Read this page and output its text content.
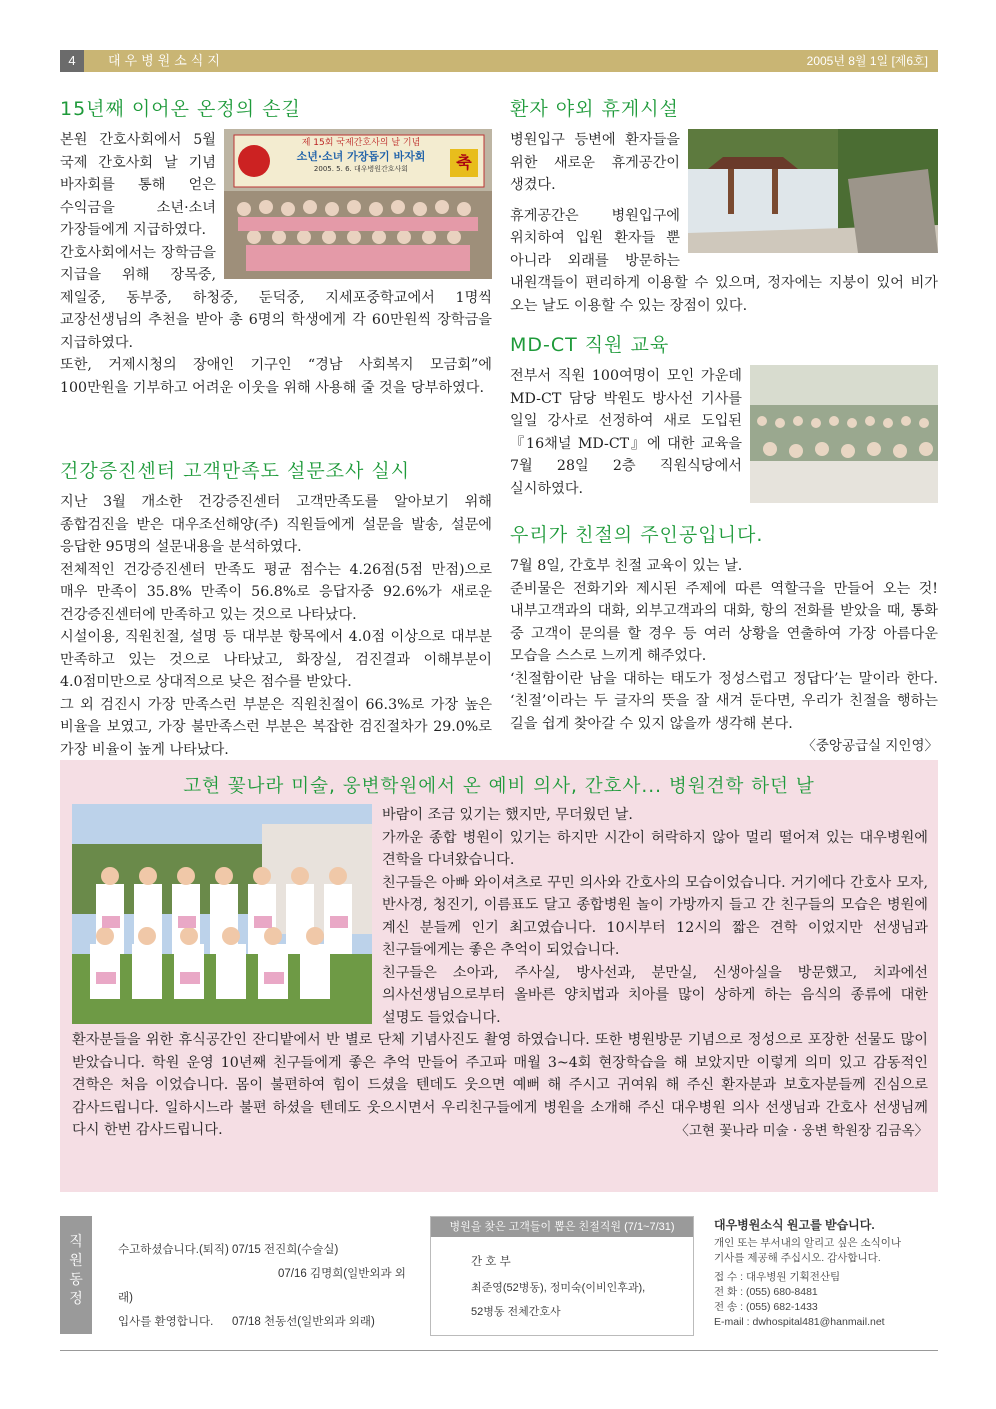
4	대우병원소식지	2005년 8월 1일 [제6호]
15년째 이어온 온정의 손길
제 15회 국제간호사의 날 기념
소년·소녀 가장돕기 바자회
2005. 5. 6. 대우병원간호사회	축

본원 간호사회에서 5월 국제 간호사회 날 기념 바자회를 통해 얻은 수익금을 소년·소녀 가장들에게 지급하였다.

간호사회에서는 장학금을 지급을 위해 장목중, 제일중, 동부중, 하청중, 둔덕중, 지세포중학교에서 1명씩 교장선생님의 추천을 받아 총 6명의 학생에게 각 60만원씩 장학금을 지급하였다.

또한, 거제시청의 장애인 기구인 “경남 사회복지 모금회”에 100만원을 기부하고 어려운 이웃을 위해 사용해 줄 것을 당부하였다.

건강증진센터 고객만족도 설문조사 실시

지난 3월 개소한 건강증진센터 고객만족도를 알아보기 위해 종합검진을 받은 대우조선해양(주) 직원들에게 설문을 발송, 설문에 응답한 95명의 설문내용을 분석하였다.

전체적인 건강증진센터 만족도 평균 점수는 4.26점(5점 만점)으로 매우 만족이 35.8% 만족이 56.8%로 응답자중 92.6%가 새로운 건강증진센터에 만족하고 있는 것으로 나타났다.

시설이용, 직원친절, 설명 등 대부분 항목에서 4.0점 이상으로 대부분 만족하고 있는 것으로 나타났고, 화장실, 검진결과 이해부분이 4.0점미만으로 상대적으로 낮은 점수를 받았다.

그 외 검진시 가장 만족스런 부분은 직원친절이 66.3%로 가장 높은 비율을 보였고, 가장 불만족스런 부분은 복잡한 검진절차가 29.0%로 가장 비율이 높게 나타났다.

환자 야외 휴게시설

병원입구 등변에 환자들을 위한 새로운 휴게공간이 생겼다.

휴게공간은 병원입구에 위치하여 입원 환자들 뿐 아니라 외래를 방문하는 내원객들이 편리하게 이용할 수 있으며, 정자에는 지붕이 있어 비가 오는 날도 이용할 수 있는 장점이 있다.

MD-CT 직원 교육

전부서 직원 100여명이 모인 가운데 MD-CT 담당 박원도 방사선 기사를 일일 강사로 선정하여 새로 도입된『16채널 MD-CT』에 대한 교육을 7월 28일 2층 직원식당에서 실시하였다.

우리가 친절의 주인공입니다.

7월 8일, 간호부 친절 교육이 있는 날.

준비물은 전화기와 제시된 주제에 따른 역할극을 만들어 오는 것! 내부고객과의 대화, 외부고객과의 대화, 항의 전화를 받았을 때, 통화 중 고객이 문의를 할 경우 등 여러 상황을 연출하여 가장 아름다운 모습을 스스로 느끼게 해주었다.

‘친절함이란 남을 대하는 태도가 정성스럽고 정답다’는 말이라 한다. ‘친절’이라는 두 글자의 뜻을 잘 새겨 둔다면, 우리가 친절을 행하는 길을 쉽게 찾아갈 수 있지 않을까 생각해 본다.

〈중앙공급실 지인영〉
고현 꽃나라 미술, 웅변학원에서 온 예비 의사, 간호사... 병원견학 하던 날

바람이 조금 있기는 했지만, 무더웠던 날.

가까운 종합 병원이 있기는 하지만 시간이 허락하지 않아 멀리 떨어져 있는 대우병원에 견학을 다녀왔습니다.

친구들은 아빠 와이셔츠로 꾸민 의사와 간호사의 모습이었습니다. 거기에다 간호사 모자, 반사경, 청진기, 이름표도 달고 종합병원 놀이 가방까지 들고 간 친구들의 모습은 병원에 계신 분들께 인기 최고였습니다. 10시부터 12시의 짧은 견학 이었지만 선생님과 친구들에게는 좋은 추억이 되었습니다.

친구들은 소아과, 주사실, 방사선과, 분만실, 신생아실을 방문했고, 치과에선 의사선생님으로부터 올바른 양치법과 치아를 많이 상하게 하는 음식의 종류에 대한 설명도 들었습니다.

환자분들을 위한 휴식공간인 잔디밭에서 반 별로 단체 기념사진도 촬영 하였습니다. 또한 병원방문 기념으로 정성으로 포장한 선물도 많이 받았습니다. 학원 운영 10년째 친구들에게 좋은 추억 만들어 주고파 매월 3~4회 현장학습을 해 보았지만 이렇게 의미 있고 감동적인 견학은 처음 이었습니다. 몸이 불편하여 힘이 드셨을 텐데도 웃으면 예뻐 해 주시고 귀여워 해 주신 환자분과 보호자분들께 진심으로 감사드립니다. 일하시느라 불편 하셨을 텐데도 웃으시면서 우리친구들에게 병원을 소개해 주신 대우병원 의사 선생님과 간호사 선생님께 다시 한번 감사드립니다.	〈고현 꽃나라 미술 · 웅변 학원장 김금옥〉
직원동정
수고하셨습니다.(퇴직) 07/15 전진희(수술실)
07/16 김명희(일반외과 외래)
입사를 환영합니다. 07/18 천동선(일반외과 외래)
병원을 찾은 고객들이 뽑은 친절직원 (7/1~7/31)
간 호 부
최준영(52병동), 정미숙(이비인후과),
52병동 전체간호사
대우병원소식 원고를 받습니다.
개인 또는 부서내의 알리고 싶은 소식이나
기사를 제공해 주십시오. 감사합니다.
접 수 : 대우병원 기획전산팀
전 화 : (055) 680-8481
전 송 : (055) 682-1433
E-mail : dwhospital481@hanmail.net
